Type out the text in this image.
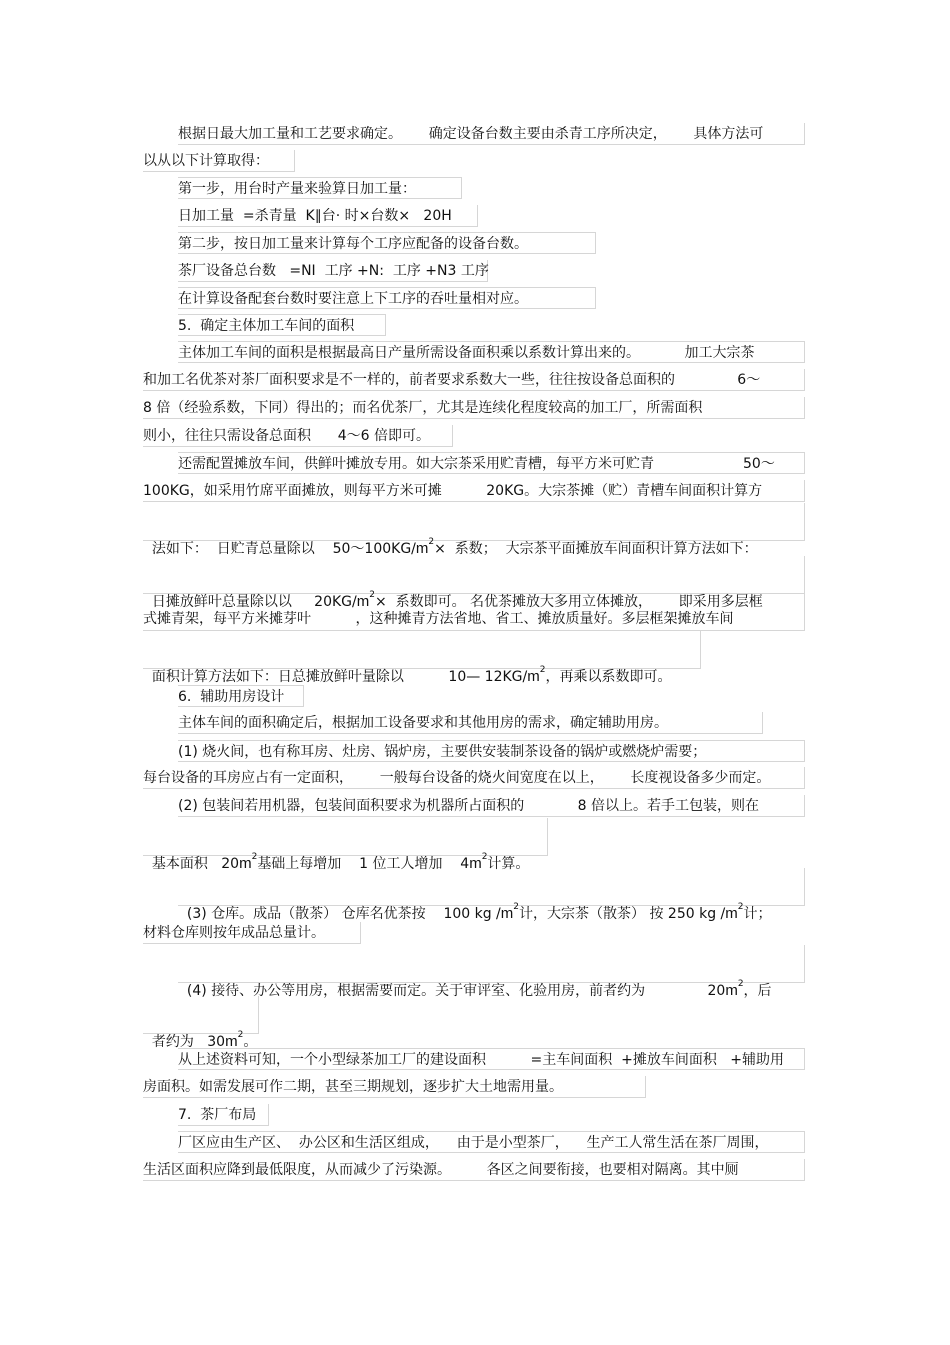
根据日最大加工量和工艺要求确定。      确定设备台数主要由杀青工序所决定，      具体方法可
以从以下计算取得：
第一步，用台时产量来验算日加工量：
日加工量  =杀青量  K∥台· 时×台数×   20H
第二步，按日加工量来计算每个工序应配备的设备台数。
茶厂设备总台数   =NI  工序 +N:  工序 +N3 工序
在计算设备配套台数时要注意上下工序的吞吐量相对应。
5.  确定主体加工车间的面积
主体加工车间的面积是根据最高日产量所需设备面积乘以系数计算出来的。          加工大宗茶
和加工名优茶对茶厂面积要求是不一样的，前者要求系数大一些，往往按设备总面积的              6～
8 倍（经验系数，下同）得出的；而名优茶厂，尤其是连续化程度较高的加工厂，所需面积
则小，往往只需设备总面积      4～6 倍即可。
还需配置摊放车间，供鲜叶摊放专用。如大宗茶采用贮青槽，每平方米可贮青                    50～
100KG，如采用竹席平面摊放，则每平方米可摊          20KG。大宗茶摊（贮）青槽车间面积计算方

法如下：  日贮青总量除以    $50\sim 100KG/m^2\times$  系数；  大宗茶平面摊放车间面积计算方法如下：

日摊放鲜叶总量除以以     $20KG/m^2\times$  系数即可。 名优茶摊放大多用立体摊放，      即采用多层框

式摊青架，每平方米摊芽叶          ，这种摊青方法省地、省工、摊放质量好。多层框架摊放车间

面积计算方法如下：日总摊放鲜叶量除以          10— $12KG/m^2$，再乘以系数即可。

6.  辅助用房设计
主体车间的面积确定后，根据加工设备要求和其他用房的需求，确定辅助用房。
(1) 烧火间，也有称耳房、灶房、锅炉房，主要供安装制茶设备的锅炉或燃烧炉需要；
每台设备的耳房应占有一定面积，      一般每台设备的烧火间宽度在以上，      长度视设备多少而定。
(2) 包装间若用机器，包装间面积要求为机器所占面积的            8 倍以上。若手工包装，则在

基本面积   $20m^2$基础上每增加    1 位工人增加    $4m^2$计算。

(3) 仓库。成品（散茶） 仓库名优茶按    100 kg $/m^2$计，大宗茶（散茶） 按 250 kg $/m^2$计；

材料仓库则按年成品总量计。

(4) 接待、办公等用房，根据需要而定。关于审评室、化验用房，前者约为              $20m^2$，后

者约为   $30m^2$。

从上述资料可知，一个小型绿茶加工厂的建设面积          =主车间面积  +摊放车间面积   +辅助用
房面积。如需发展可作二期，甚至三期规划，逐步扩大土地需用量。
7.  茶厂布局
厂区应由生产区、  办公区和生活区组成，    由于是小型茶厂，    生产工人常生活在茶厂周围，
生活区面积应降到最低限度，从而减少了污染源。        各区之间要衔接，也要相对隔离。其中厕
